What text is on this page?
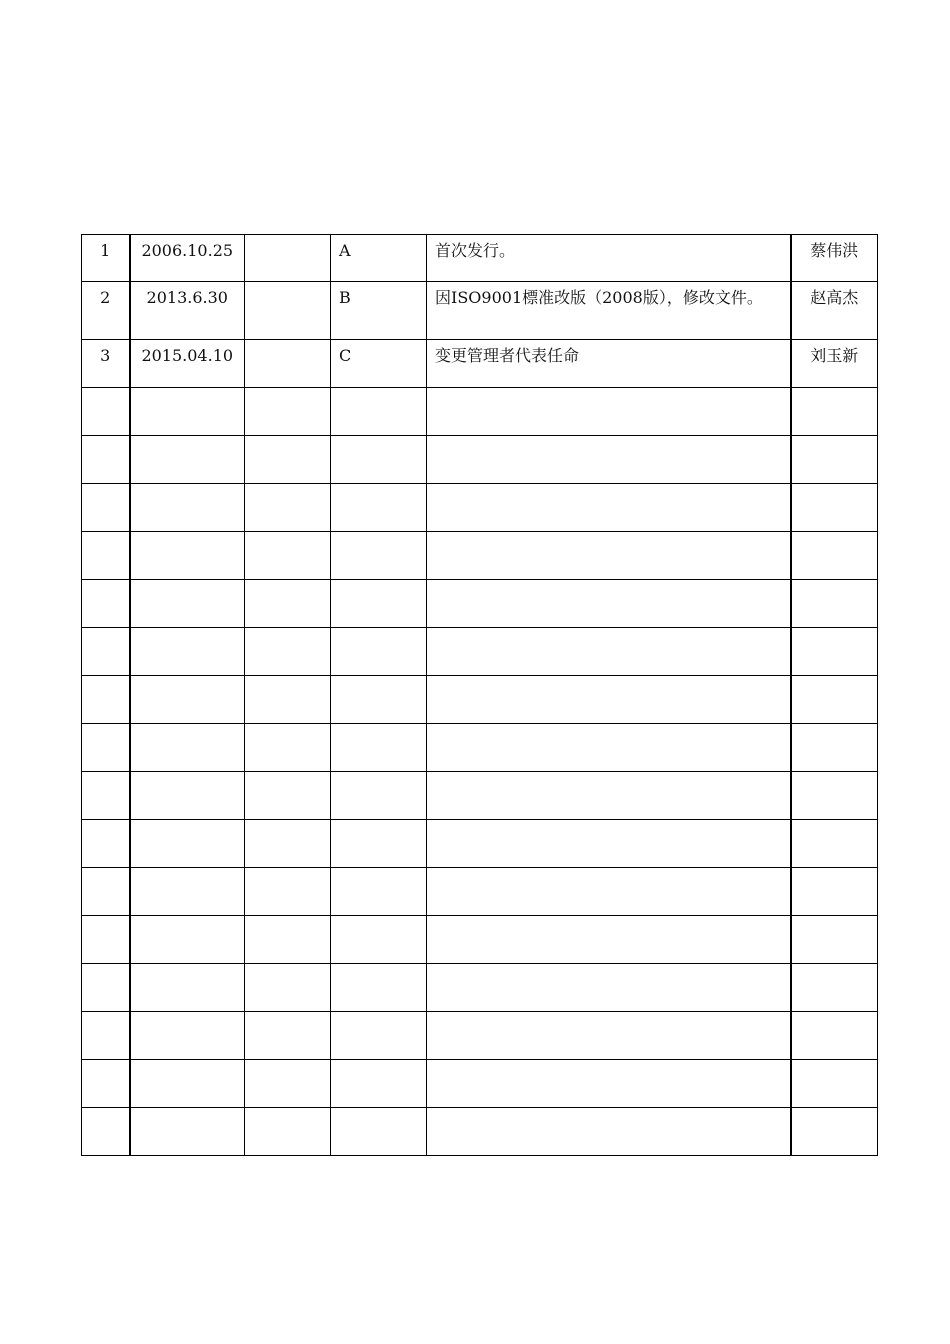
1	2006.10.25		A	首次发行。	蔡伟洪

2	2013.6.30		B	因ISO9001標准改版（2008版），修改文件。	赵高杰

3	2015.04.10		C	变更管理者代表任命	刘玉新
